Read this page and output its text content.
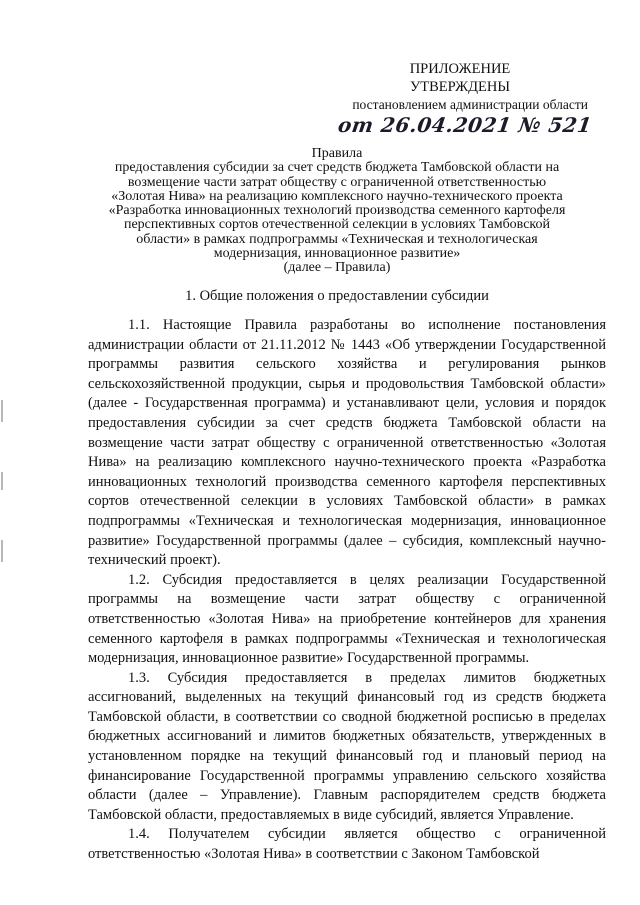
ПРИЛОЖЕНИЕ
УТВЕРЖДЕНЫ
постановлением администрации области
от 26.04.2021 № 521
Правила
предоставления субсидии за счет средств бюджета Тамбовской области на
возмещение части затрат обществу с ограниченной ответственностью
«Золотая Нива» на реализацию комплексного научно-технического проекта
«Разработка инновационных технологий производства семенного картофеля
перспективных сортов отечественной селекции в условиях Тамбовской
области» в рамках подпрограммы «Техническая и технологическая
модернизация, инновационное развитие»
(далее – Правила)
1. Общие положения о предоставлении субсидии

1.1. Настоящие Правила разработаны во исполнение постановления администрации области от 21.11.2012 № 1443 «Об утверждении Государственной программы развития сельского хозяйства и регулирования рынков сельскохозяйственной продукции, сырья и продовольствия Тамбовской области» (далее - Государственная программа) и устанавливают цели, условия и порядок предоставления субсидии за счет средств бюджета Тамбовской области на возмещение части затрат обществу с ограниченной ответственностью «Золотая Нива» на реализацию комплексного научно-технического проекта «Разработка инновационных технологий производства семенного картофеля перспективных сортов отечественной селекции в условиях Тамбовской области» в рамках подпрограммы «Техническая и технологическая модернизация, инновационное развитие» Государственной программы (далее – субсидия, комплексный научно-технический проект).

1.2. Субсидия предоставляется в целях реализации Государственной программы на возмещение части затрат обществу с ограниченной ответственностью «Золотая Нива» на приобретение контейнеров для хранения семенного картофеля в рамках подпрограммы «Техническая и технологическая модернизация, инновационное развитие» Государственной программы.

1.3. Субсидия предоставляется в пределах лимитов бюджетных ассигнований, выделенных на текущий финансовый год из средств бюджета Тамбовской области, в соответствии со сводной бюджетной росписью в пределах бюджетных ассигнований и лимитов бюджетных обязательств, утвержденных в установленном порядке на текущий финансовый год и плановый период на финансирование Государственной программы управлению сельского хозяйства области (далее – Управление). Главным распорядителем средств бюджета Тамбовской области, предоставляемых в виде субсидий, является Управление.

1.4. Получателем субсидии является общество с ограниченной ответственностью «Золотая Нива» в соответствии с Законом Тамбовской
